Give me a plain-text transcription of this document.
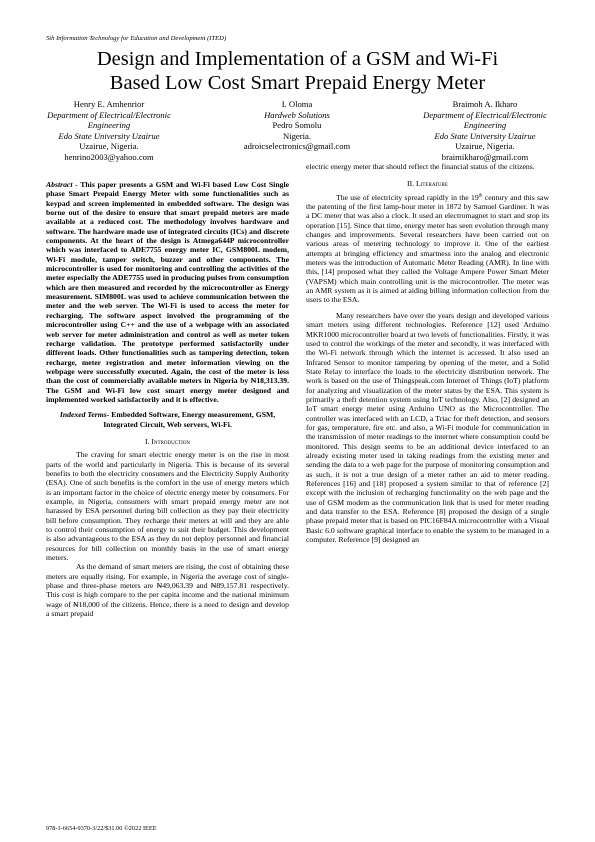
5th Information Technology for Education and Development (ITED)
Design and Implementation of a GSM and Wi-Fi
Based Low Cost Smart Prepaid Energy Meter
Henry E. Amhenrior
Department of Electrical/Electronic
Engineering
Edo State University Uzairue
Uzairue, Nigeria.
henrino2003@yahoo.com
I. Oloma
Hardweb Solutions
Pedro Somolu
Nigeria.
adroicselectronics@gmail.com
Braimoh A. Ikharo
Department of Electrical/Electronic
Engineering
Edo State University Uzairue
Uzairue, Nigeria.
braimikharo@gmail.com

Abstract - This paper presents a GSM and Wi-Fi based Low Cost Single phase Smart Prepaid Energy Meter with some functionalities such as keypad and screen implemented in embedded software. The design was borne out of the desire to ensure that smart prepaid meters are made available at a reduced cost. The methodology involves hardware and software. The hardware made use of integrated circuits (ICs) and discrete components. At the heart of the design is Atmega644P microcontroller which was interfaced to ADE7755 energy meter IC, GSM800L modem, Wi-Fi module, tamper switch, buzzer and other components. The microcontroller is used for monitoring and controlling the activities of the meter especially the ADE7755 used in producing pulses from consumption which are then measured and recorded by the microcontroller as Energy measurement. SIM800L was used to achieve communication between the meter and the web server. The Wi-Fi is used to access the meter for recharging. The software aspect involved the programming of the microcontroller using C++ and the use of a webpage with an associated web server for meter administration and control as well as meter token recharge validation. The prototype performed satisfactorily under different loads. Other functionalities such as tampering detection, token recharge, meter registration and meter information viewing on the webpage were successfully executed. Again, the cost of the meter is less than the cost of commercially available meters in Nigeria by ₦18,313.39. The GSM and Wi-Fi low cost smart energy meter designed and implemented worked satisfactorily and it is effective.

Indexed Terms- Embedded Software, Energy measurement, GSM, Integrated Circuit, Web servers, Wi-Fi.

I. Introduction

The craving for smart electric energy meter is on the rise in most parts of the world and particularly in Nigeria. This is because of its several benefits to both the electricity consumers and the Electricity Supply Authority (ESA). One of such benefits is the comfort in the use of energy meters which is an important factor in the choice of electric energy meter by consumers. For example, in Nigeria, consumers with smart prepaid energy meter are not harassed by ESA personnel during bill collection as they pay their electricity bill before consumption. They recharge their meters at will and they are able to control their consumption of energy to suit their budget. This development is also advantageous to the ESA as they do not deploy personnel and financial resources for bill collection on monthly basis in the use of smart energy meters.

As the demand of smart meters are rising, the cost of obtaining these meters are equally rising. For example, in Nigeria the average cost of single-phase and three-phase meters are ₦49,063.39 and ₦89,157.81 respectively. This cost is high compare to the per capita income and the national minimum wage of ₦18,000 of the citizens. Hence, there is a need to design and develop a smart prepaid

electric energy meter that should reflect the financial status of the citizens.

II. Literature

The use of electricity spread rapidly in the 19th century and this saw the patenting of the first lamp-hour meter in 1872 by Samuel Gardiner. It was a DC meter that was also a clock. It used an electromagnet to start and stop its operation [15]. Since that time, energy meter has seen evolution through many changes and improvements. Several researchers have been carried out on various areas of metering technology to improve it. One of the earliest attempts at bringing efficiency and smartness into the analog and electronic meters was the introduction of Automatic Meter Reading (AMR). In line with this, [14] proposed what they called the Voltage Ampere Power Smart Meter (VAPSM) which main controlling unit is the microcontroller. The meter was an AMR system as it is aimed at aiding billing information collection from the users to the ESA.

Many researchers have over the years design and developed various smart meters using different technologies. Reference [12] used Arduino MKR1000 microcontroller board at two levels of functionalities. Firstly, it was used to control the workings of the meter and secondly, it was interfaced with the Wi-Fi network through which the internet is accessed. It also used an Infrared Sensor to monitor tampering by opening of the meter, and a Solid State Relay to interface the loads to the electricity distribution network. The work is based on the use of Thingspeak.com Internet of Things (IoT) platform for analyzing and visualization of the meter status by the ESA. This system is primarily a theft detention system using IoT technology. Also, [2] designed an IoT smart energy meter using Arduino UNO as the Microcontroller. The controller was interfaced with an LCD, a Triac for theft detection, and sensors for gas, temperature, fire etc. and also, a Wi-Fi module for communication in the transmission of meter readings to the internet where consumption could be monitored. This design seems to be an additional device interfaced to an already existing meter used in taking readings from the existing meter and sending the data to a web page for the purpose of monitoring consumption and as such, it is not a true design of a meter rather an aid to meter reading. References [16] and [18] proposed a system similar to that of reference [2] except with the inclusion of recharging functionality on the web page and the use of GSM modem as the communication link that is used for meter reading and data transfer to the ESA. Reference [8] proposed the design of a single phase prepaid meter that is based on PIC16F84A microcontroller with a Visual Basic 6.0 software graphical interface to enable the system to be managed in a computer. Reference [9] designed an

978-1-6654-9370-3/22/$31.00 ©2022 IEEE
